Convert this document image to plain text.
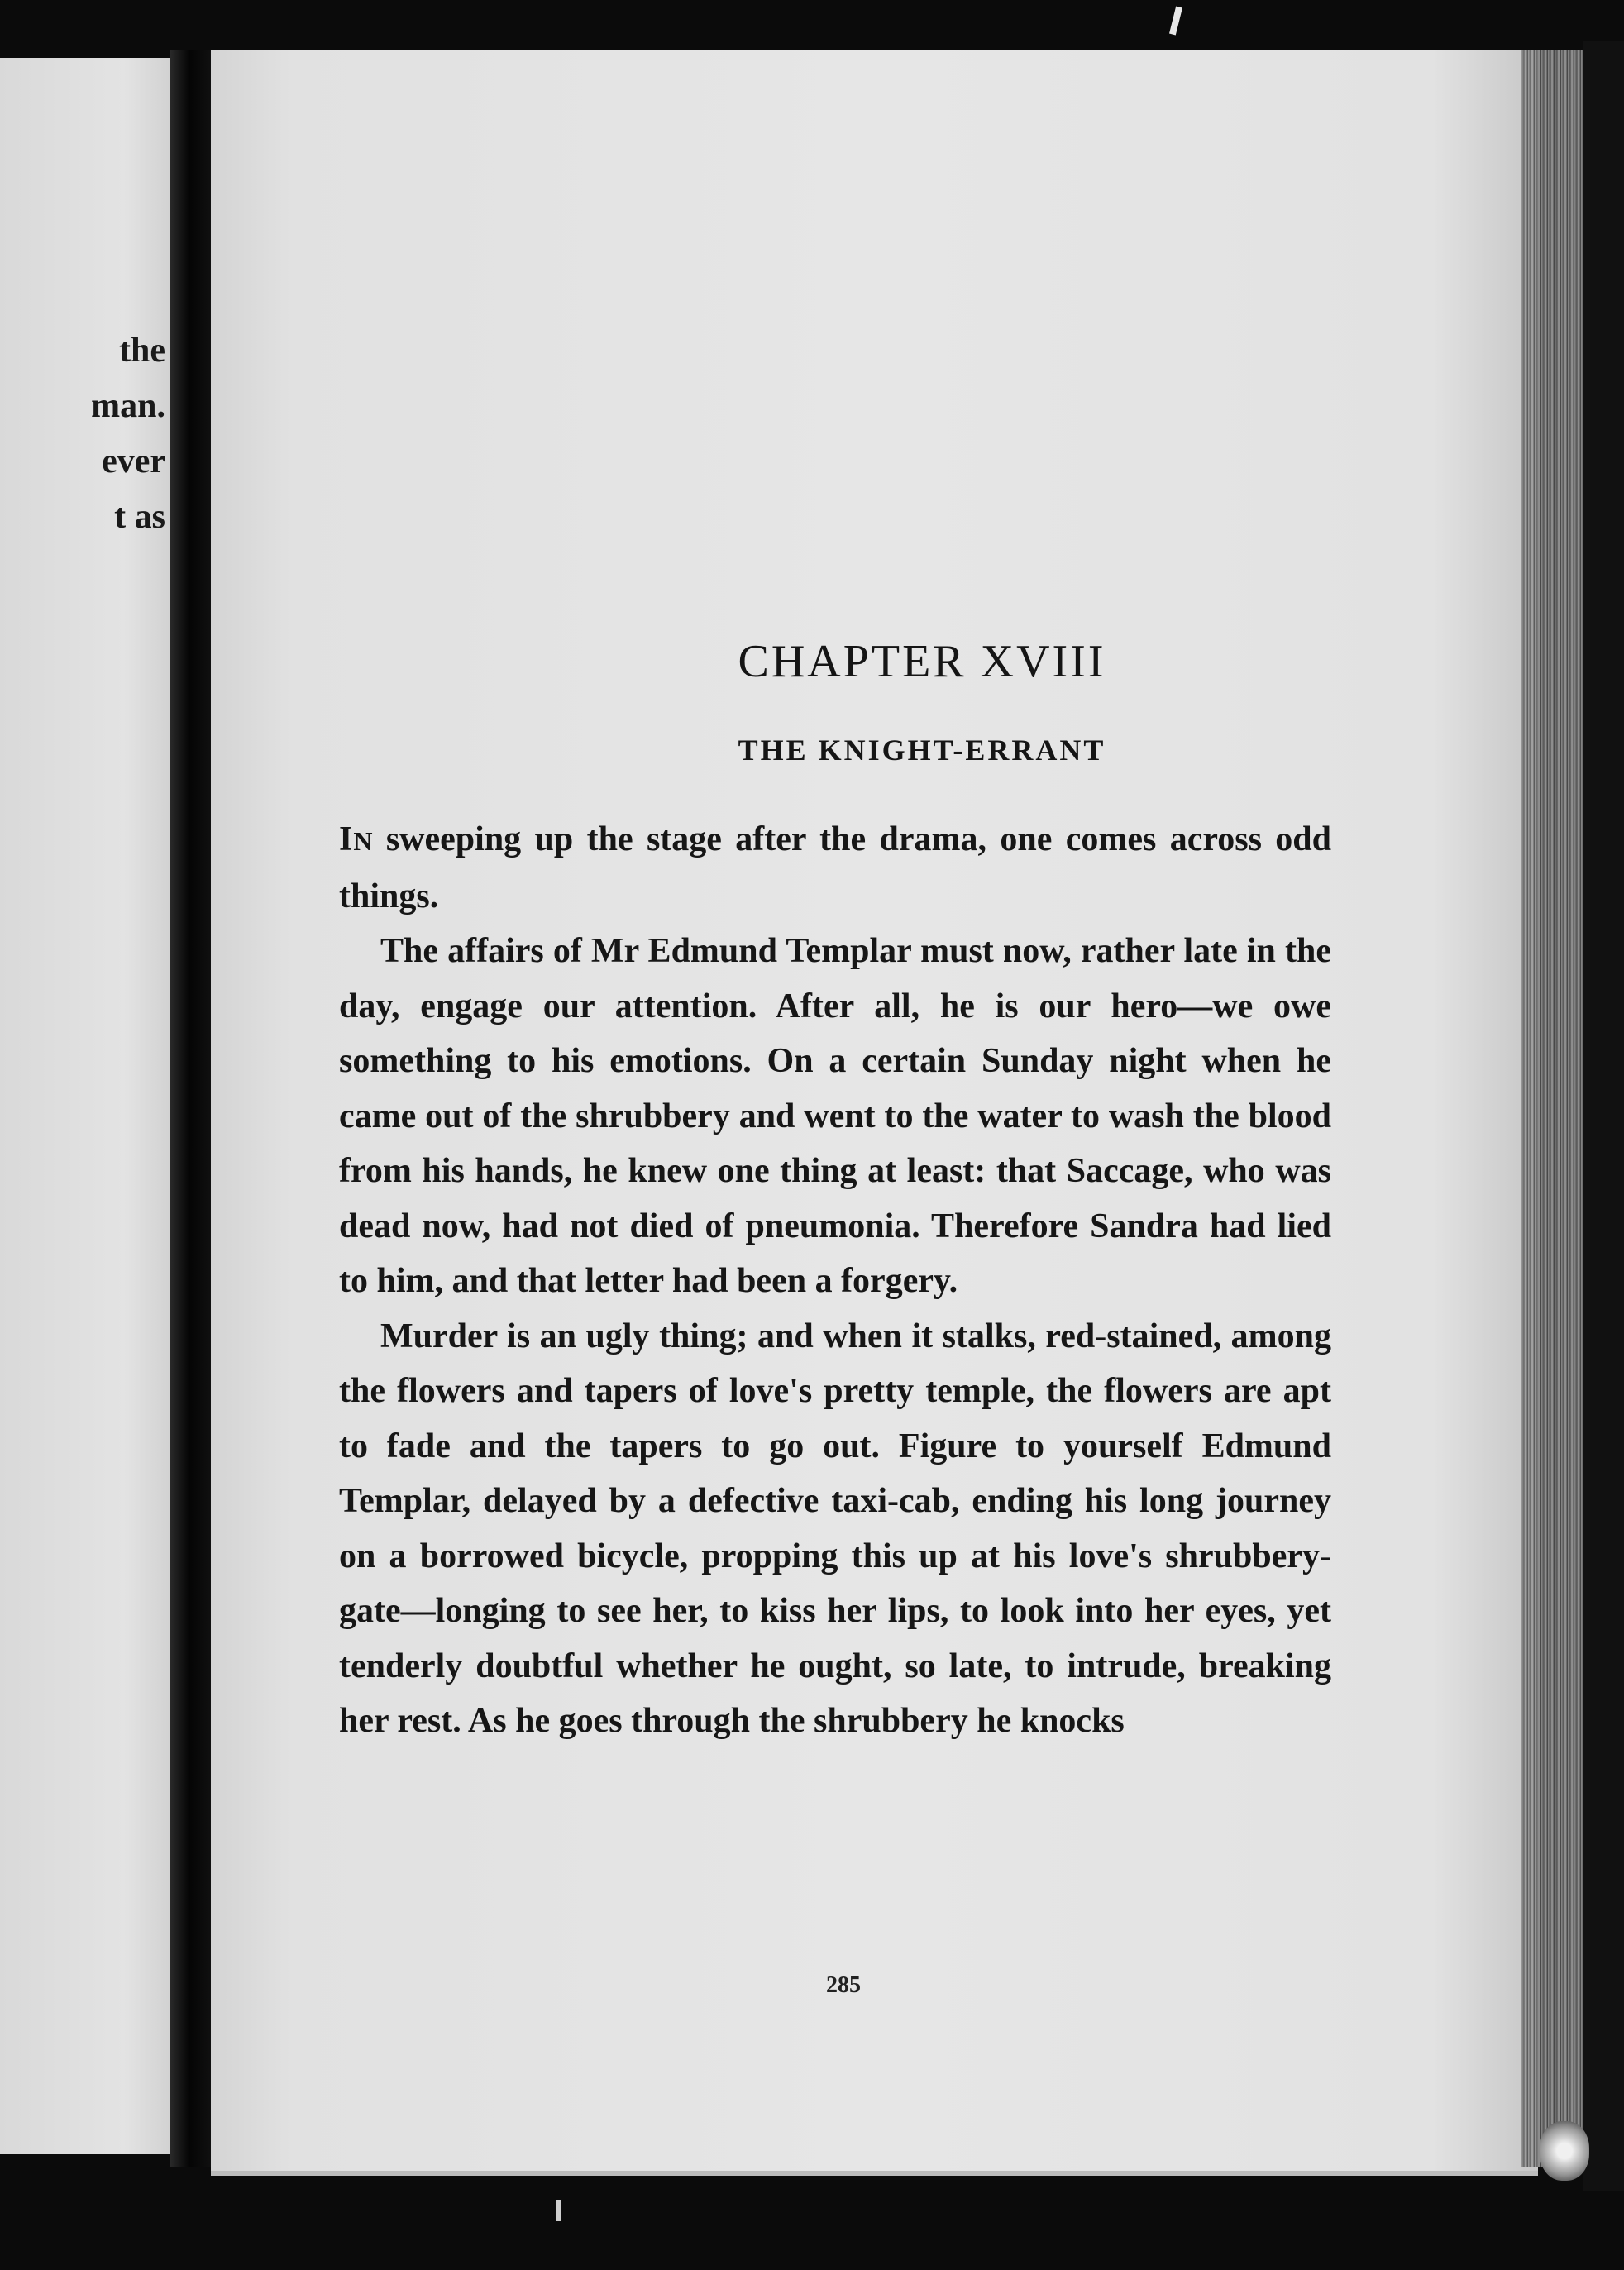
the
man.
ever
t as
CHAPTER XVIII
THE KNIGHT-ERRANT

IN sweeping up the stage after the drama, one comes across odd things.

The affairs of Mr Edmund Templar must now, rather late in the day, engage our attention. After all, he is our hero—we owe something to his emotions. On a certain Sunday night when he came out of the shrubbery and went to the water to wash the blood from his hands, he knew one thing at least: that Saccage, who was dead now, had not died of pneumonia. Therefore Sandra had lied to him, and that letter had been a forgery.

Murder is an ugly thing; and when it stalks, red-stained, among the flowers and tapers of love's pretty temple, the flowers are apt to fade and the tapers to go out. Figure to yourself Edmund Templar, delayed by a defective taxi-cab, ending his long journey on a borrowed bicycle, propping this up at his love's shrubbery-gate—longing to see her, to kiss her lips, to look into her eyes, yet tenderly doubtful whether he ought, so late, to intrude, breaking her rest. As he goes through the shrubbery he knocks

285
